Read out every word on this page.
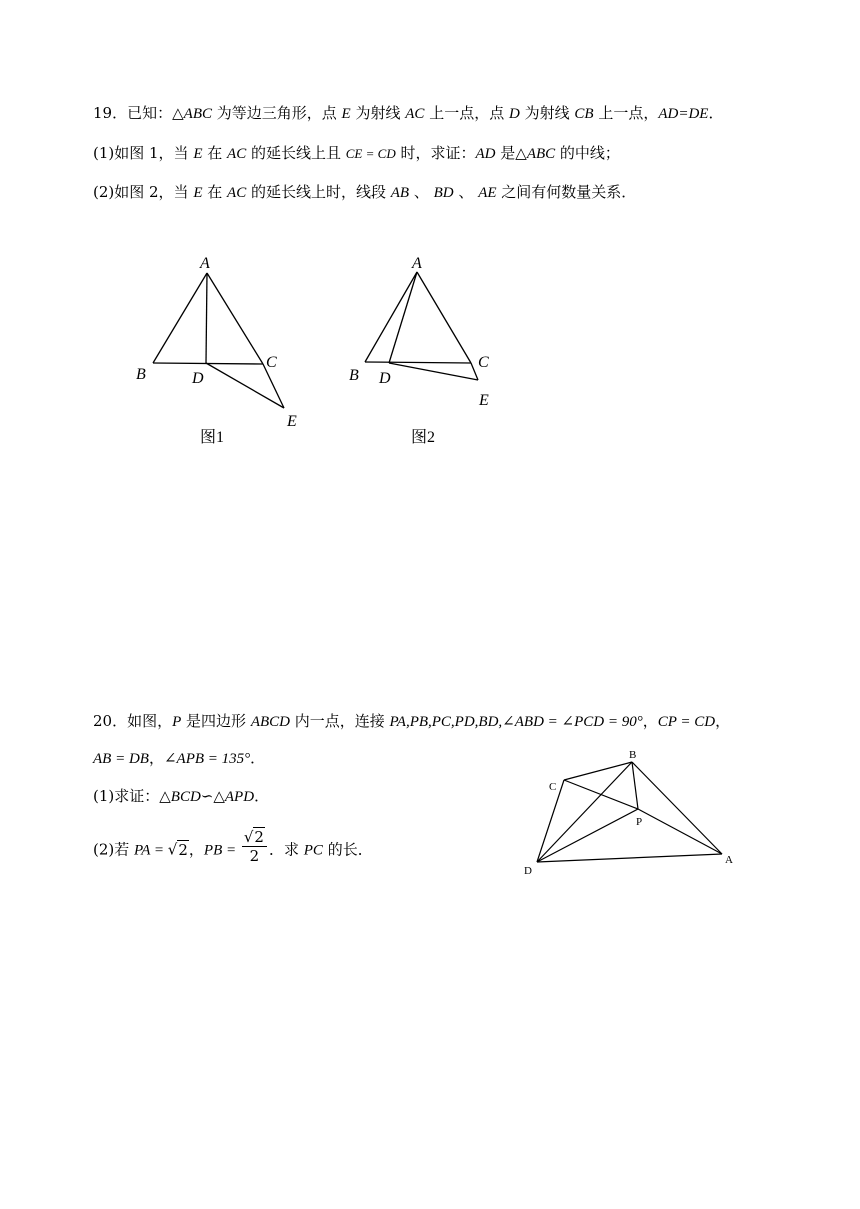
19．已知：△ABC 为等边三角形，点 E 为射线 AC 上一点，点 D 为射线 CB 上一点，AD=DE．
(1)如图 1，当 E 在 AC 的延长线上且 CE = CD 时，求证：AD 是△ABC 的中线；
(2)如图 2，当 E 在 AC 的延长线上时，线段 AB 、 BD 、 AE 之间有何数量关系．
A
B
C
D
E
图1
A
B
C
D
E
图2
20．如图，P 是四边形 ABCD 内一点，连接 PA,PB,PC,PD,BD,∠ABD = ∠PCD = 90°，CP = CD，
AB = DB，∠APB = 135°．
(1)求证：△BCD∽△APD．
(2)若 PA = √2，PB = $\frac{√2}{2}$ ．求 PC 的长．
B
C
P
D
A
